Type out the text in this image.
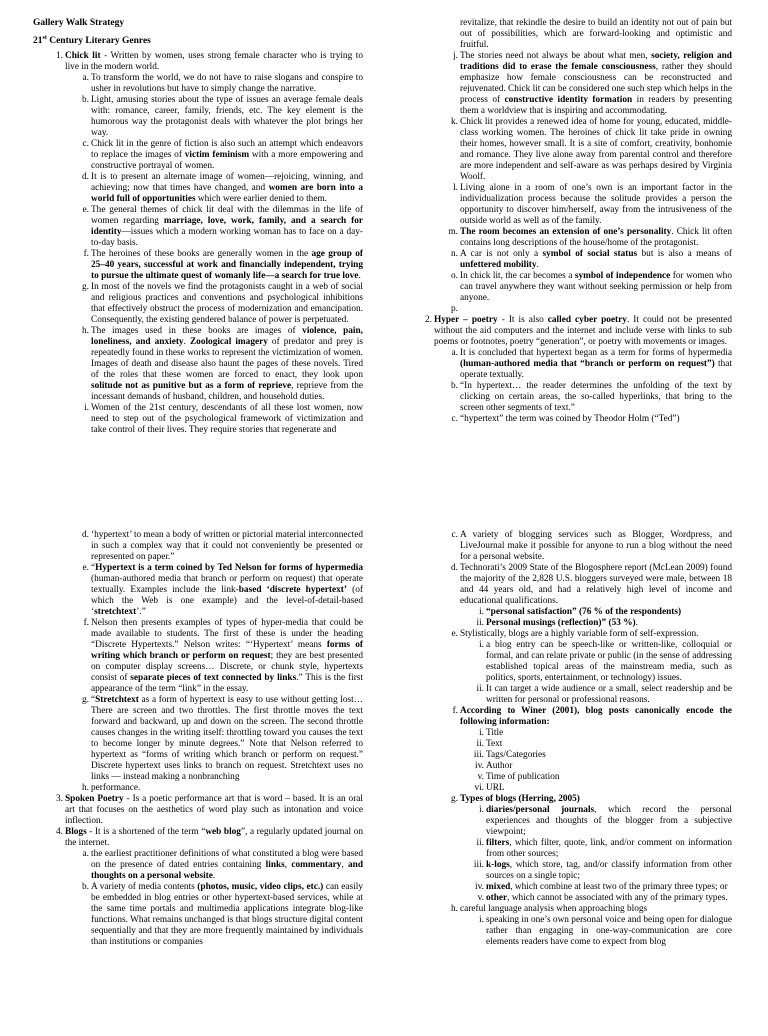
Gallery Walk Strategy

21st Century Literary Genres

1. Chick lit - Written by women, uses strong female character who is trying to live in the modern world.

a. To transform the world, we do not have to raise slogans and conspire to usher in revolutions but have to simply change the narrative.

b. Light, amusing stories about the type of issues an average female deals with: romance, career, family, friends, etc. The key element is the humorous way the protagonist deals with whatever the plot brings her way.

c. Chick lit in the genre of fiction is also such an attempt which endeavors to replace the images of victim feminism with a more empowering and constructive portrayal of women.

d. It is to present an alternate image of women—rejoicing, winning, and achieving; now that times have changed, and women are born into a world full of opportunities which were earlier denied to them.

e. The general themes of chick lit deal with the dilemmas in the life of women regarding marriage, love, work, family, and a search for identity—issues which a modern working woman has to face on a day-to-day basis.

f. The heroines of these books are generally women in the age group of 25–40 years, successful at work and financially independent, trying to pursue the ultimate quest of womanly life—a search for true love.

g. In most of the novels we find the protagonists caught in a web of social and religious practices and conventions and psychological inhibitions that effectively obstruct the process of modernization and emancipation. Consequently, the existing gendered balance of power is perpetuated.

h. The images used in these books are images of violence, pain, loneliness, and anxiety. Zoological imagery of predator and prey is repeatedly found in these works to represent the victimization of women. Images of death and disease also haunt the pages of these novels. Tired of the roles that these women are forced to enact, they look upon solitude not as punitive but as a form of reprieve, reprieve from the incessant demands of husband, children, and household duties.

i. Women of the 21st century, descendants of all these lost women, now need to step out of the psychological framework of victimization and take control of their lives. They require stories that regenerate and

revitalize, that rekindle the desire to build an identity not out of pain but out of possibilities, which are forward-looking and optimistic and fruitful.

j. The stories need not always be about what men, society, religion and traditions did to erase the female consciousness, rather they should emphasize how female consciousness can be reconstructed and rejuvenated. Chick lit can be considered one such step which helps in the process of constructive identity formation in readers by presenting them a worldview that is inspiring and accommodating.

k. Chick lit provides a renewed idea of home for young, educated, middle-class working women. The heroines of chick lit take pride in owning their homes, however small. It is a site of comfort, creativity, bonhomie and romance. They live alone away from parental control and therefore are more independent and self-aware as was perhaps desired by Virginia Woolf.

l. Living alone in a room of one’s own is an important factor in the individualization process because the solitude provides a person the opportunity to discover him/herself, away from the intrusiveness of the outside world as well as of the family.

m. The room becomes an extension of one’s personality. Chick lit often contains long descriptions of the house/home of the protagonist.

n. A car is not only a symbol of social status but is also a means of unfettered mobility.

o. In chick lit, the car becomes a symbol of independence for women who can travel anywhere they want without seeking permission or help from anyone.

p.

2. Hyper – poetry - It is also called cyber poetry. It could not be presented without the aid computers and the internet and include verse with links to sub poems or footnotes, poetry “generation”, or poetry with movements or images.

a. It is concluded that hypertext began as a term for forms of hypermedia (human-authored media that “branch or perform on request”) that operate textually.

b. “In hypertext… the reader determines the unfolding of the text by clicking on certain areas, the so-called hyperlinks, that bring to the screen other segments of text.”

c. “hypertext” the term was coined by Theodor Holm (“Ted”)

d. ‘hypertext’ to mean a body of written or pictorial material interconnected in such a complex way that it could not conveniently be presented or represented on paper.”

e. “Hypertext is a term coined by Ted Nelson for forms of hypermedia (human-authored media that branch or perform on request) that operate textually. Examples include the link-based ‘discrete hypertext’ (of which the Web is one example) and the level-of-detail-based ‘stretchtext’.”

f. Nelson then presents examples of types of hyper-media that could be made available to students. The first of these is under the heading “Discrete Hypertexts.” Nelson writes: “‘Hypertext’ means forms of writing which branch or perform on request; they are best presented on computer display screens… Discrete, or chunk style, hypertexts consist of separate pieces of text connected by links.” This is the first appearance of the term “link” in the essay.

g. “Stretchtext as a form of hypertext is easy to use without getting lost… There are screen and two throttles. The first throttle moves the text forward and backward, up and down on the screen. The second throttle causes changes in the writing itself: throttling toward you causes the text to become longer by minute degrees.” Note that Nelson referred to hypertext as “forms of writing which branch or perform on request.” Discrete hypertext uses links to branch on request. Stretchtext uses no links — instead making a nonbranching

h. performance.

3. Spoken Poetry - Is a poetic performance art that is word – based. It is an oral art that focuses on the aesthetics of word play such as intonation and voice inflection.

4. Blogs - It is a shortened of the term “web blog”, a regularly updated journal on the internet.

a. the earliest practitioner definitions of what constituted a blog were based on the presence of dated entries containing links, commentary, and thoughts on a personal website.

b. A variety of media contents (photos, music, video clips, etc.) can easily be embedded in blog entries or other hypertext-based services, while at the same time portals and multimedia applications integrate blog-like functions. What remains unchanged is that blogs structure digital content sequentially and that they are more frequently maintained by individuals than institutions or companies

c. A variety of blogging services such as Blogger, Wordpress, and LiveJournal make it possible for anyone to run a blog without the need for a personal website.

d. Technorati’s 2009 State of the Blogosphere report (McLean 2009) found the majority of the 2,828 U.S. bloggers surveyed were male, between 18 and 44 years old, and had a relatively high level of income and educational qualifications.

i. “personal satisfaction” (76 % of the respondents)

ii. Personal musings (reflection)” (53 %).

e. Stylistically, blogs are a highly variable form of self-expression.

i. a blog entry can be speech-like or written-like, colloquial or formal, and can relate private or public (in the sense of addressing established topical areas of the mainstream media, such as politics, sports, entertainment, or technology) issues.

ii. It can target a wide audience or a small, select readership and be written for personal or professional reasons.

f. According to Winer (2001), blog posts canonically encode the following information:

i. Title

ii. Text

iii. Tags/Categories

iv. Author

v. Time of publication

vi. URL

g. Types of blogs (Herring, 2005)

i. diaries/personal journals, which record the personal experiences and thoughts of the blogger from a subjective viewpoint;

ii. filters, which filter, quote, link, and/or comment on information from other sources;

iii. k-logs, which store, tag, and/or classify information from other sources on a single topic;

iv. mixed, which combine at least two of the primary three types; or

v. other, which cannot be associated with any of the primary types.

h. careful language analysis when approaching blogs

i. speaking in one’s own personal voice and being open for dialogue rather than engaging in one-way-communication are core elements readers have come to expect from blog
